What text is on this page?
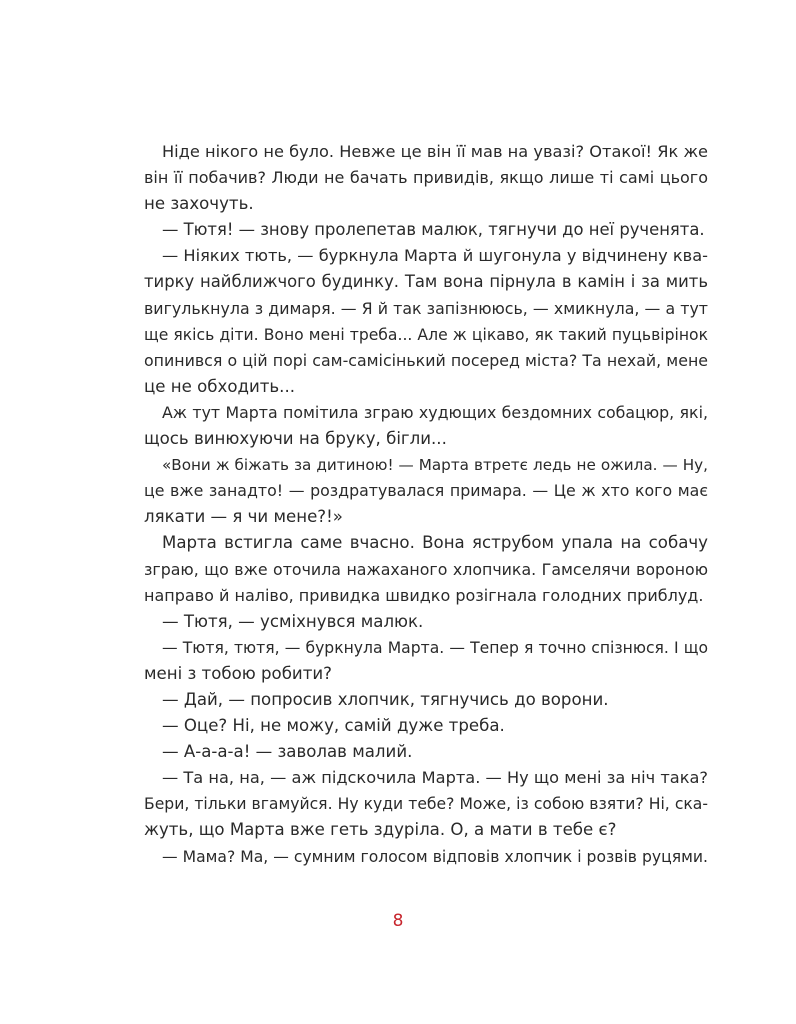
Ніде нікого не було. Невже це він її мав на увазі? Отакої! Як же
він її побачив? Люди не бачать привидів, якщо лише ті самі цього
не захочуть.
— Тютя! — знову пролепетав малюк, тягнучи до неї рученята.
— Ніяких тють, — буркнула Марта й шугонула у відчинену ква-
тирку найближчого будинку. Там вона пірнула в камін і за мить
вигулькнула з димаря. — Я й так запізнююсь, — хмикнула, — а тут
ще якісь діти. Воно мені треба... Але ж цікаво, як такий пуцьвірінок
опинився о цій порі сам-самісінький посеред міста? Та нехай, мене
це не обходить...
Аж тут Марта помітила зграю худющих бездомних собацюр, які,
щось винюхуючи на бруку, бігли...
«Вони ж біжать за дитиною! — Марта втретє ледь не ожила. — Ну,
це вже занадто! — роздратувалася примара. — Це ж хто кого має
лякати — я чи мене?!»
Марта встигла саме вчасно. Вона яструбом упала на собачу
зграю, що вже оточила нажаханого хлопчика. Гамселячи вороною
направо й наліво, привидка швидко розігнала голодних приблуд.
— Тютя, — усміхнувся малюк.
— Тютя, тютя, — буркнула Марта. — Тепер я точно спізнюся. І що
мені з тобою робити?
— Дай, — попросив хлопчик, тягнучись до ворони.
— Оце? Ні, не можу, самій дуже треба.
— А-а-а-а! — заволав малий.
— Та на, на, — аж підскочила Марта. — Ну що мені за ніч така?
Бери, тільки вгамуйся. Ну куди тебе? Може, із собою взяти? Ні, ска-
жуть, що Марта вже геть здуріла. О, а мати в тебе є?
— Мама? Ма, — сумним голосом відповів хлопчик і розвів руцями.
8
